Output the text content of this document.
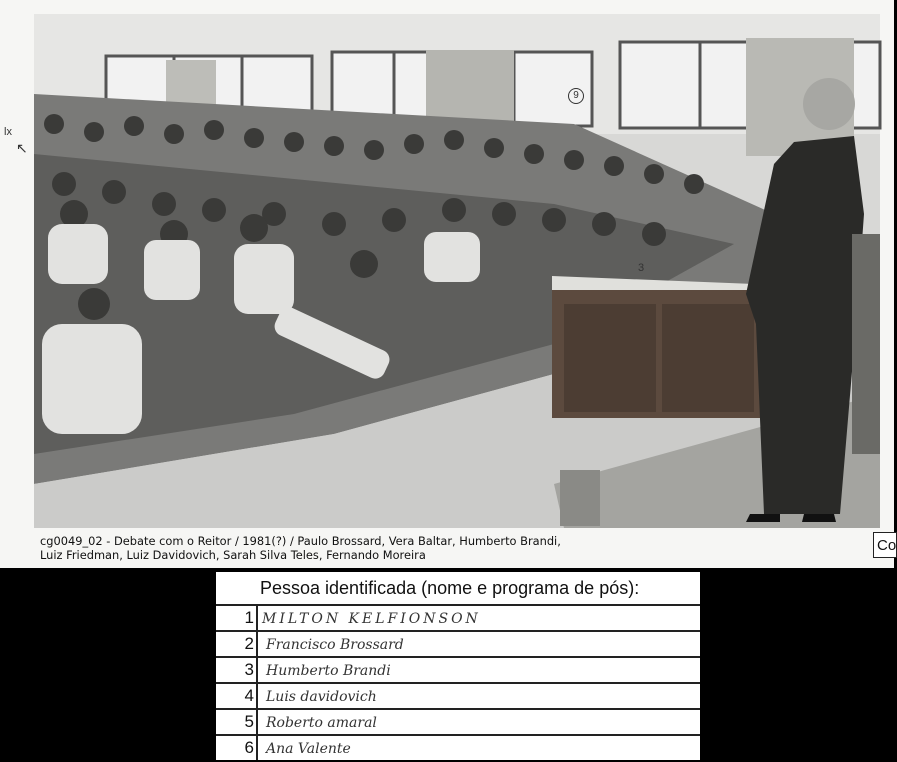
9
3
lx
↖
cg0049_02 - Debate com o Reitor / 1981(?) / Paulo Brossard, Vera Baltar, Humberto Brandi,
Luiz Friedman, Luiz Davidovich, Sarah Silva Teles, Fernando Moreira
Co
Pessoa identificada (nome e programa de pós):
1 MILTON KELFIONSON
2 Francisco Brossard
3 Humberto Brandi
4 Luis davidovich
5 Roberto amaral
6 Ana Valente
